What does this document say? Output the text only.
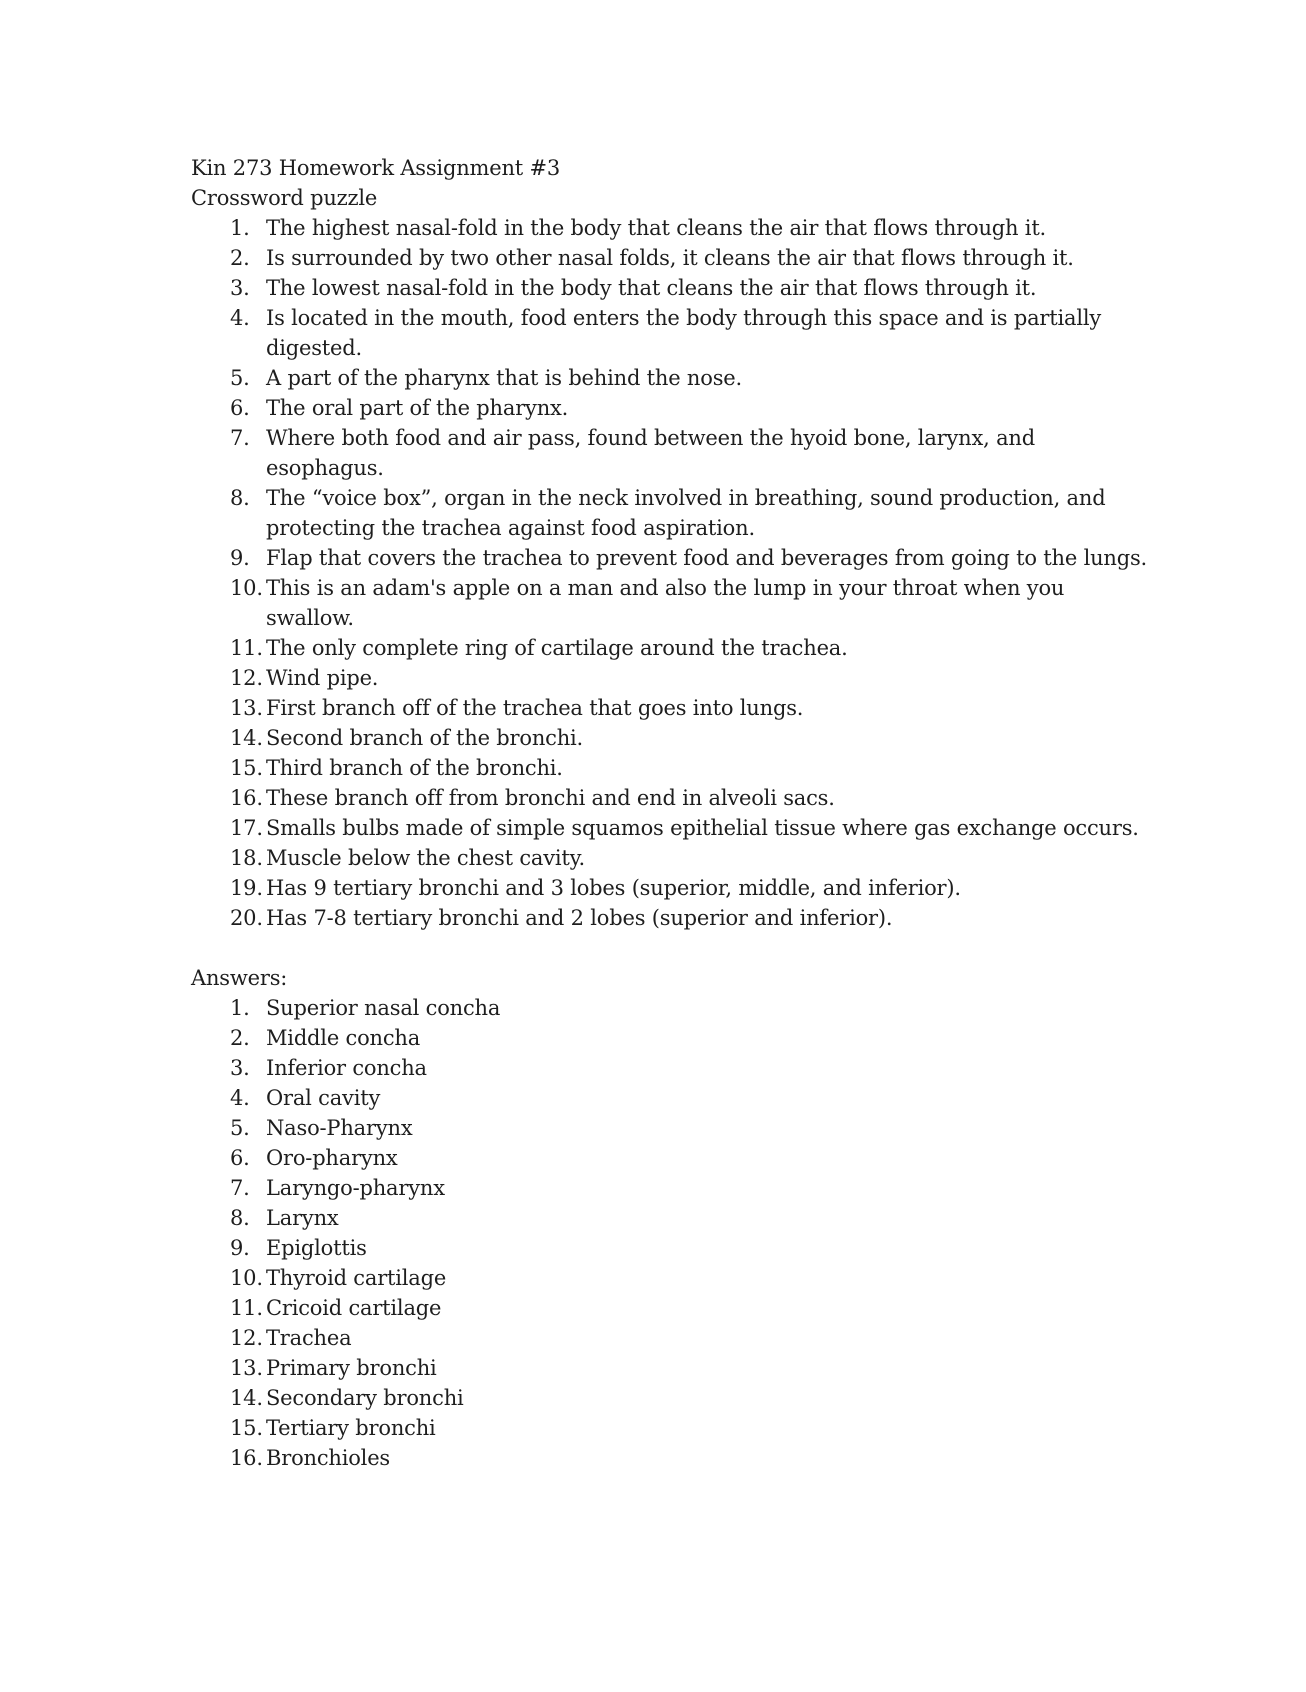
Kin 273 Homework Assignment #3
Crossword puzzle
1. The highest nasal-fold in the body that cleans the air that flows through it.
2. Is surrounded by two other nasal folds, it cleans the air that flows through it.
3. The lowest nasal-fold in the body that cleans the air that flows through it.
4. Is located in the mouth, food enters the body through this space and is partially digested.
5. A part of the pharynx that is behind the nose.
6. The oral part of the pharynx.
7. Where both food and air pass, found between the hyoid bone, larynx, and esophagus.
8. The “voice box”, organ in the neck involved in breathing, sound production, and protecting the trachea against food aspiration.
9. Flap that covers the trachea to prevent food and beverages from going to the lungs.
10. This is an adam's apple on a man and also the lump in your throat when you swallow.
11. The only complete ring of cartilage around the trachea.
12. Wind pipe.
13. First branch off of the trachea that goes into lungs.
14. Second branch of the bronchi.
15. Third branch of the bronchi.
16. These branch off from bronchi and end in alveoli sacs.
17. Smalls bulbs made of simple squamos epithelial tissue where gas exchange occurs.
18. Muscle below the chest cavity.
19. Has 9 tertiary bronchi and 3 lobes (superior, middle, and inferior).
20. Has 7-8 tertiary bronchi and 2 lobes (superior and inferior).
Answers:
1. Superior nasal concha
2. Middle concha
3. Inferior concha
4. Oral cavity
5. Naso-Pharynx
6. Oro-pharynx
7. Laryngo-pharynx
8. Larynx
9. Epiglottis
10. Thyroid cartilage
11. Cricoid cartilage
12. Trachea
13. Primary bronchi
14. Secondary bronchi
15. Tertiary bronchi
16. Bronchioles
